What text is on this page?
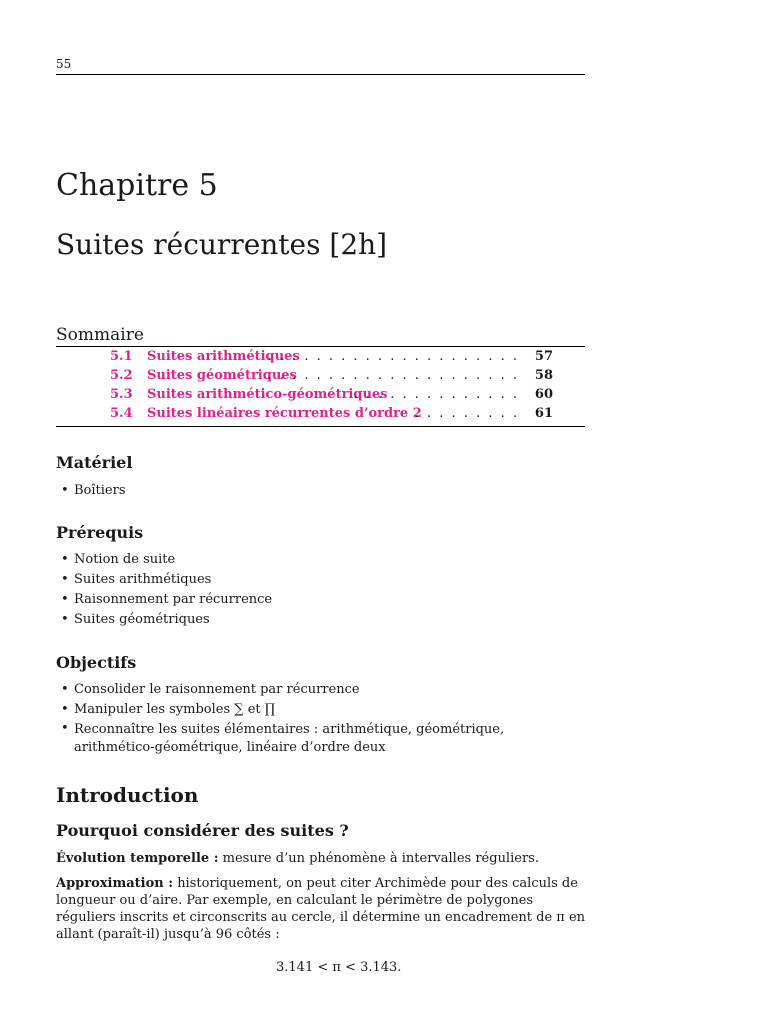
55
Chapitre 5
Suites récurrentes [2h]
Sommaire
5.1 Suites arithmétiques
. . . . . . . . . . . . . . . . . . . . . 57
5.2 Suites géométriques
. . . . . . . . . . . . . . . . . . . . . 58
5.3 Suites arithmético-géométriques
. . . . . . . . . . . . . . 60
5.4 Suites linéaires récurrentes d’ordre 2
. . . . . . . . . 61
Matériel
• Boîtiers
Prérequis
• Notion de suite
• Suites arithmétiques
• Raisonnement par récurrence
• Suites géométriques
Objectifs
• Consolider le raisonnement par récurrence
• Manipuler les symboles ∑ et ∏
• Reconnaître les suites élémentaires : arithmétique, géométrique, arithmético-géométrique, linéaire d’ordre deux
Introduction
Pourquoi considérer des suites ?
Évolution temporelle : mesure d’un phénomène à intervalles réguliers.
Approximation : historiquement, on peut citer Archimède pour des calculs de longueur ou d’aire. Par exemple, en calculant le périmètre de polygones réguliers inscrits et circonscrits au cercle, il détermine un encadrement de π en allant (paraît-il) jusqu’à 96 côtés :
3.141 < π < 3.143.
